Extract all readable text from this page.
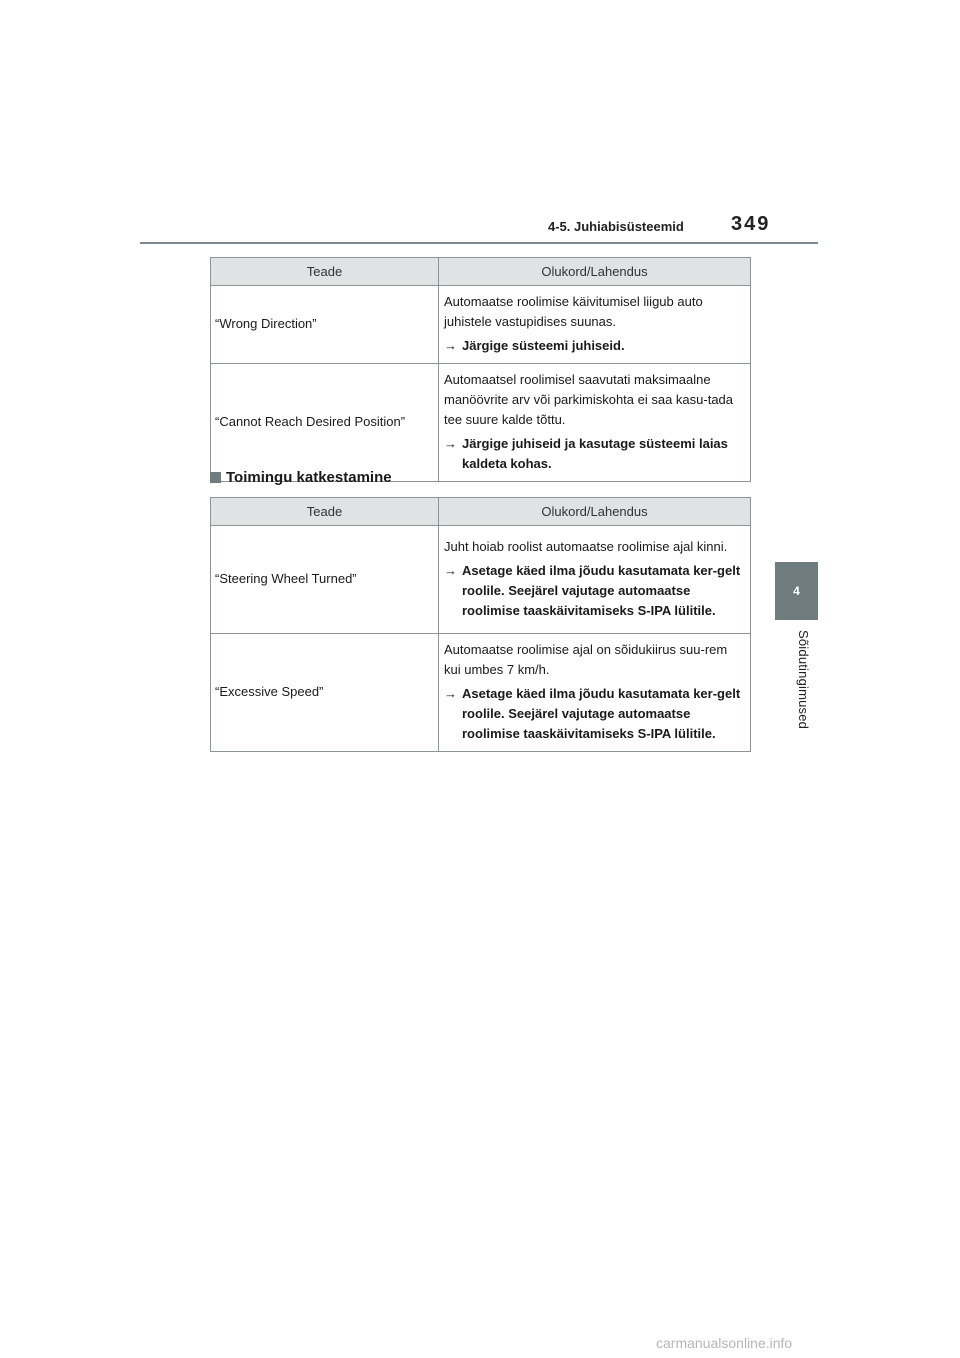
4-5. Juhiabisüsteemid 349
4
Sõidutingimused
Teade	Olukord/Lahendus
“Wrong Direction”	Automaatse roolimise käivitumisel liigub auto juhistele vastupidises suunas.
→ Järgige süsteemi juhiseid.

“Cannot Reach Desired Position”	Automaatsel roolimisel saavutati maksimaalne manöövrite arv või parkimiskohta ei saa kasu-tada tee suure kalde tõttu.
→ Järgige juhiseid ja kasutage süsteemi laias kaldeta kohas.
Toimingu katkestamine
Teade	Olukord/Lahendus
“Steering Wheel Turned”	Juht hoiab roolist automaatse roolimise ajal kinni.
→ Asetage käed ilma jõudu kasutamata ker-gelt roolile. Seejärel vajutage automaatse roolimise taaskäivitamiseks S-IPA lülitile.

“Excessive Speed”	Automaatse roolimise ajal on sõidukiirus suu-rem kui umbes 7 km/h.
→ Asetage käed ilma jõudu kasutamata ker-gelt roolile. Seejärel vajutage automaatse roolimise taaskäivitamiseks S-IPA lülitile.
carmanualsonline.info
